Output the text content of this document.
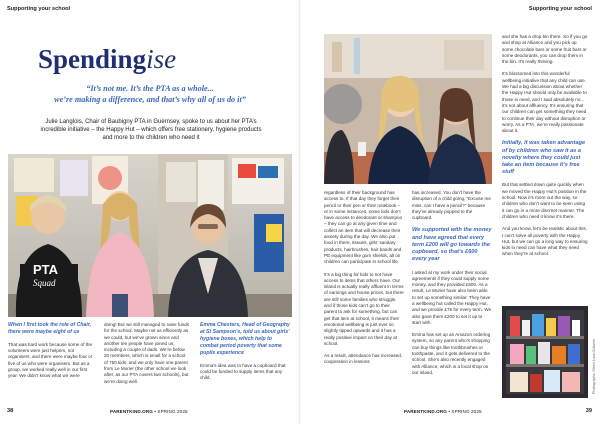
Supporting your school
Spendingise
“It’s not me. It’s the PTA as a whole...
we’re making a difference, and that’s why all of us do it”
Julie Langlois, Chair of Baubigny PTA in Guernsey, spoke to us about her PTA’s incredible initiative – the Happy Hut – which offers free stationery, hygiene products and more to the children who need it
PTA
Squad

When I first took the role of Chair, there were maybe eight of us

That was hard work because some of the volunteers were just helpers, not organisers, and there were maybe four or five of us who were organisers. But as a group, we worked really well in our first year. We didn’t know what we were

doing! But we still managed to raise funds for the school. Maybe not as efficiently as we could, but we’ve grown since and another ten people have joined us, including a couple of dads. We’re below 20 members, which is small for a school of 750 kids, and we only have one parent from Le Murier (the other school we look after, as our PTA covers two schools), but we’re doing well.

Emma Chesters, Head of Geography at St Sampson’s, told us about girls’ hygiene boxes, which help to combat period poverty that some pupils experience

Emma’s idea was to have a cupboard that could be funded to supply items that any child,

38	PARENTKIND.ORG • SPRING 2025
Supporting your school

regardless of their background has access to. If that day they forget their pencil or their pen or their notebook – or in some instances, some kids don’t have access to deodorant or shampoo – they can go at any given time and collect an item that will decrease their anxiety during the day. We also put food in there, tissues, girls’ sanitary products, hairbrushes, hair bands and PE equipment like gum shields, all on children can participate in school life.

It’s a big thing for kids to not have access to items that others have. Our island is actually really affluent in terms of earnings and house prices, but there are still some families who struggle, and if those kids can’t go to their parent to ask for something, but can get that item at school, it means their emotional wellbeing is just ever so slightly tipped upwards and it has a really positive impact on their day at school.

As a result, attendance has increased, cooperation in lessons

has increased. You don’t have the disruption of a child going, “Excuse me miss, can I have a pencil?” because they’ve already popped to the cupboard.

We supported with the money and have agreed that every term £200 will go towards the cupboard, so that’s £600 every year

I asked at my work under their social agreements if they could supply some money, and they provided £500. As a result, Le Murier have also been able to set up something similar. They have a wellbeing hut called the Happy Hut, and we provide £75 for every term. We also gave them £200 to set it up to start with.

Emma has set up an Amazon ordering system, so any parent who’s shopping can buy things like toothbrushes or toothpaste, and it gets delivered to the school. She’s also recently engaged with Alliance, which is a local shop on our island,

and she has a drop bin there. So if you go and shop at Alliance and you pick up some chocolate bars or some fruit bars or some deodorants, you can drop them in the bin. It’s really thriving.

It’s blossomed into this wonderful wellbeing initiative that any child can use. We had a big discussion about whether the Happy Hut should only be available to those in need, and I said absolutely no... it’s not about affluency. It’s ensuring that our children can get something they need to continue their day without disruption or worry. As a PTA, we’re really passionate about it.

Initially, it was taken advantage of by children who saw it as a novelty where they could just take an item because it’s free stuff

But that settled down quite quickly when we moved the Happy Hut’s position in the school. Now it’s more out the way, so children who don’t want to be seen using it can go in a more discreet manner. The children who need it know it’s there.

And you know, let’s be realistic about this. I can’t solve all poverty with the Happy Hut, but we can go a long way to ensuring kids in need can have what they need when they’re at school.

Photographs: Glenn Lock Golberle
PARENTKIND.ORG • SPRING 2025	39
